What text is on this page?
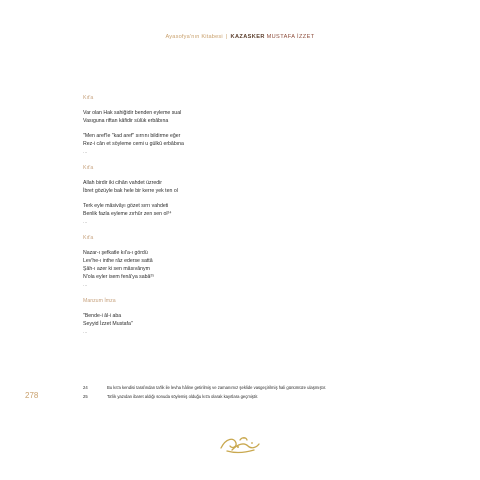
Ayasofya'nın Kitabesi | KAZASKER MUSTAFA İZZET
Kıt'a
Var olan Hak sahiğidir benden eyleme sual
Vasıguna riftan kâfidir sülük erbâbına
"Men aref'le "kad aref" sırrını bildirme eğer
Rez-i cân et söyleme cemi u gülkû erbâbına
...
Kıt'a
Allah birdir iki cihân vahdet üzredir
İbret gözüyle bak hele bir kerre yek ten ol
Terk eyle mâsivâyı gözet sırrı vahdeti
Benlik fazla eyleme zırhûr zen sen ol²⁴
...
Kıt'a
Nazar-ı şefkatle kıl'a-ı gördü
Lev'he-ı inthe râz ederse sattâ
Şâh-ı azer ki sen mâsıvânym
N'ola eyler isem fenâ'ya sabâ²⁵
...
Manzum İmza
"Bende-i âl-i aba
Seyyid İzzet Mustafa"
...
24	Bu kıt'a kendisi tarafından ta'lik ile levha hâline getirilmiş ve zamanımız şeklide vasgeçirilmiş hali günümüze ulaşmıştır.
25	Ta'lik yazıdan ibaret aldığı sonuda söylemiş olduğu kıt'a olarak kayıtlara geçmiştir.
278
